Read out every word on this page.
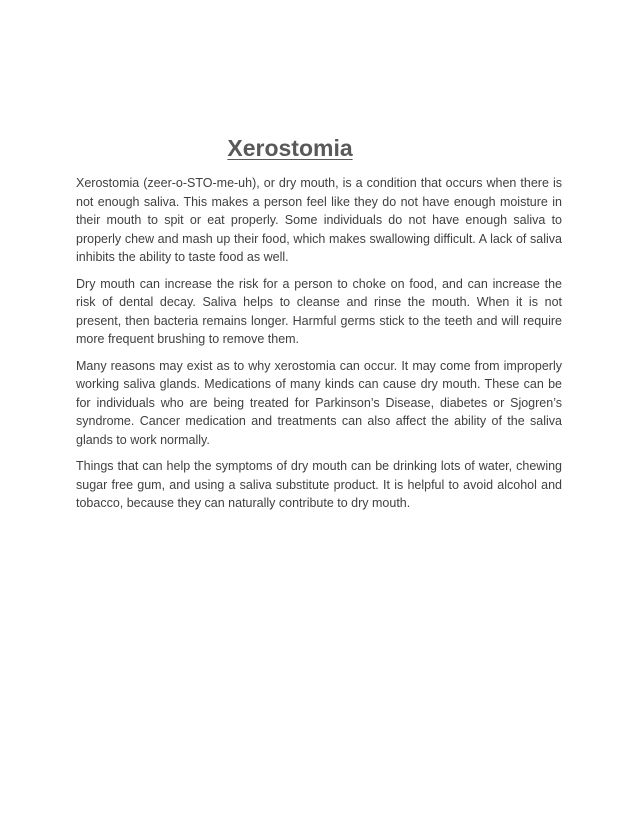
Xerostomia

Xerostomia (zeer-o-STO-me-uh), or dry mouth, is a condition that occurs when there is not enough saliva. This makes a person feel like they do not have enough moisture in their mouth to spit or eat properly. Some individuals do not have enough saliva to properly chew and mash up their food, which makes swallowing difficult. A lack of saliva inhibits the ability to taste food as well.

Dry mouth can increase the risk for a person to choke on food, and can increase the risk of dental decay. Saliva helps to cleanse and rinse the mouth. When it is not present, then bacteria remains longer. Harmful germs stick to the teeth and will require more frequent brushing to remove them.

Many reasons may exist as to why xerostomia can occur. It may come from improperly working saliva glands. Medications of many kinds can cause dry mouth. These can be for individuals who are being treated for Parkinson’s Disease, diabetes or Sjogren’s syndrome. Cancer medication and treatments can also affect the ability of the saliva glands to work normally.

Things that can help the symptoms of dry mouth can be drinking lots of water, chewing sugar free gum, and using a saliva substitute product. It is helpful to avoid alcohol and tobacco, because they can naturally contribute to dry mouth.
